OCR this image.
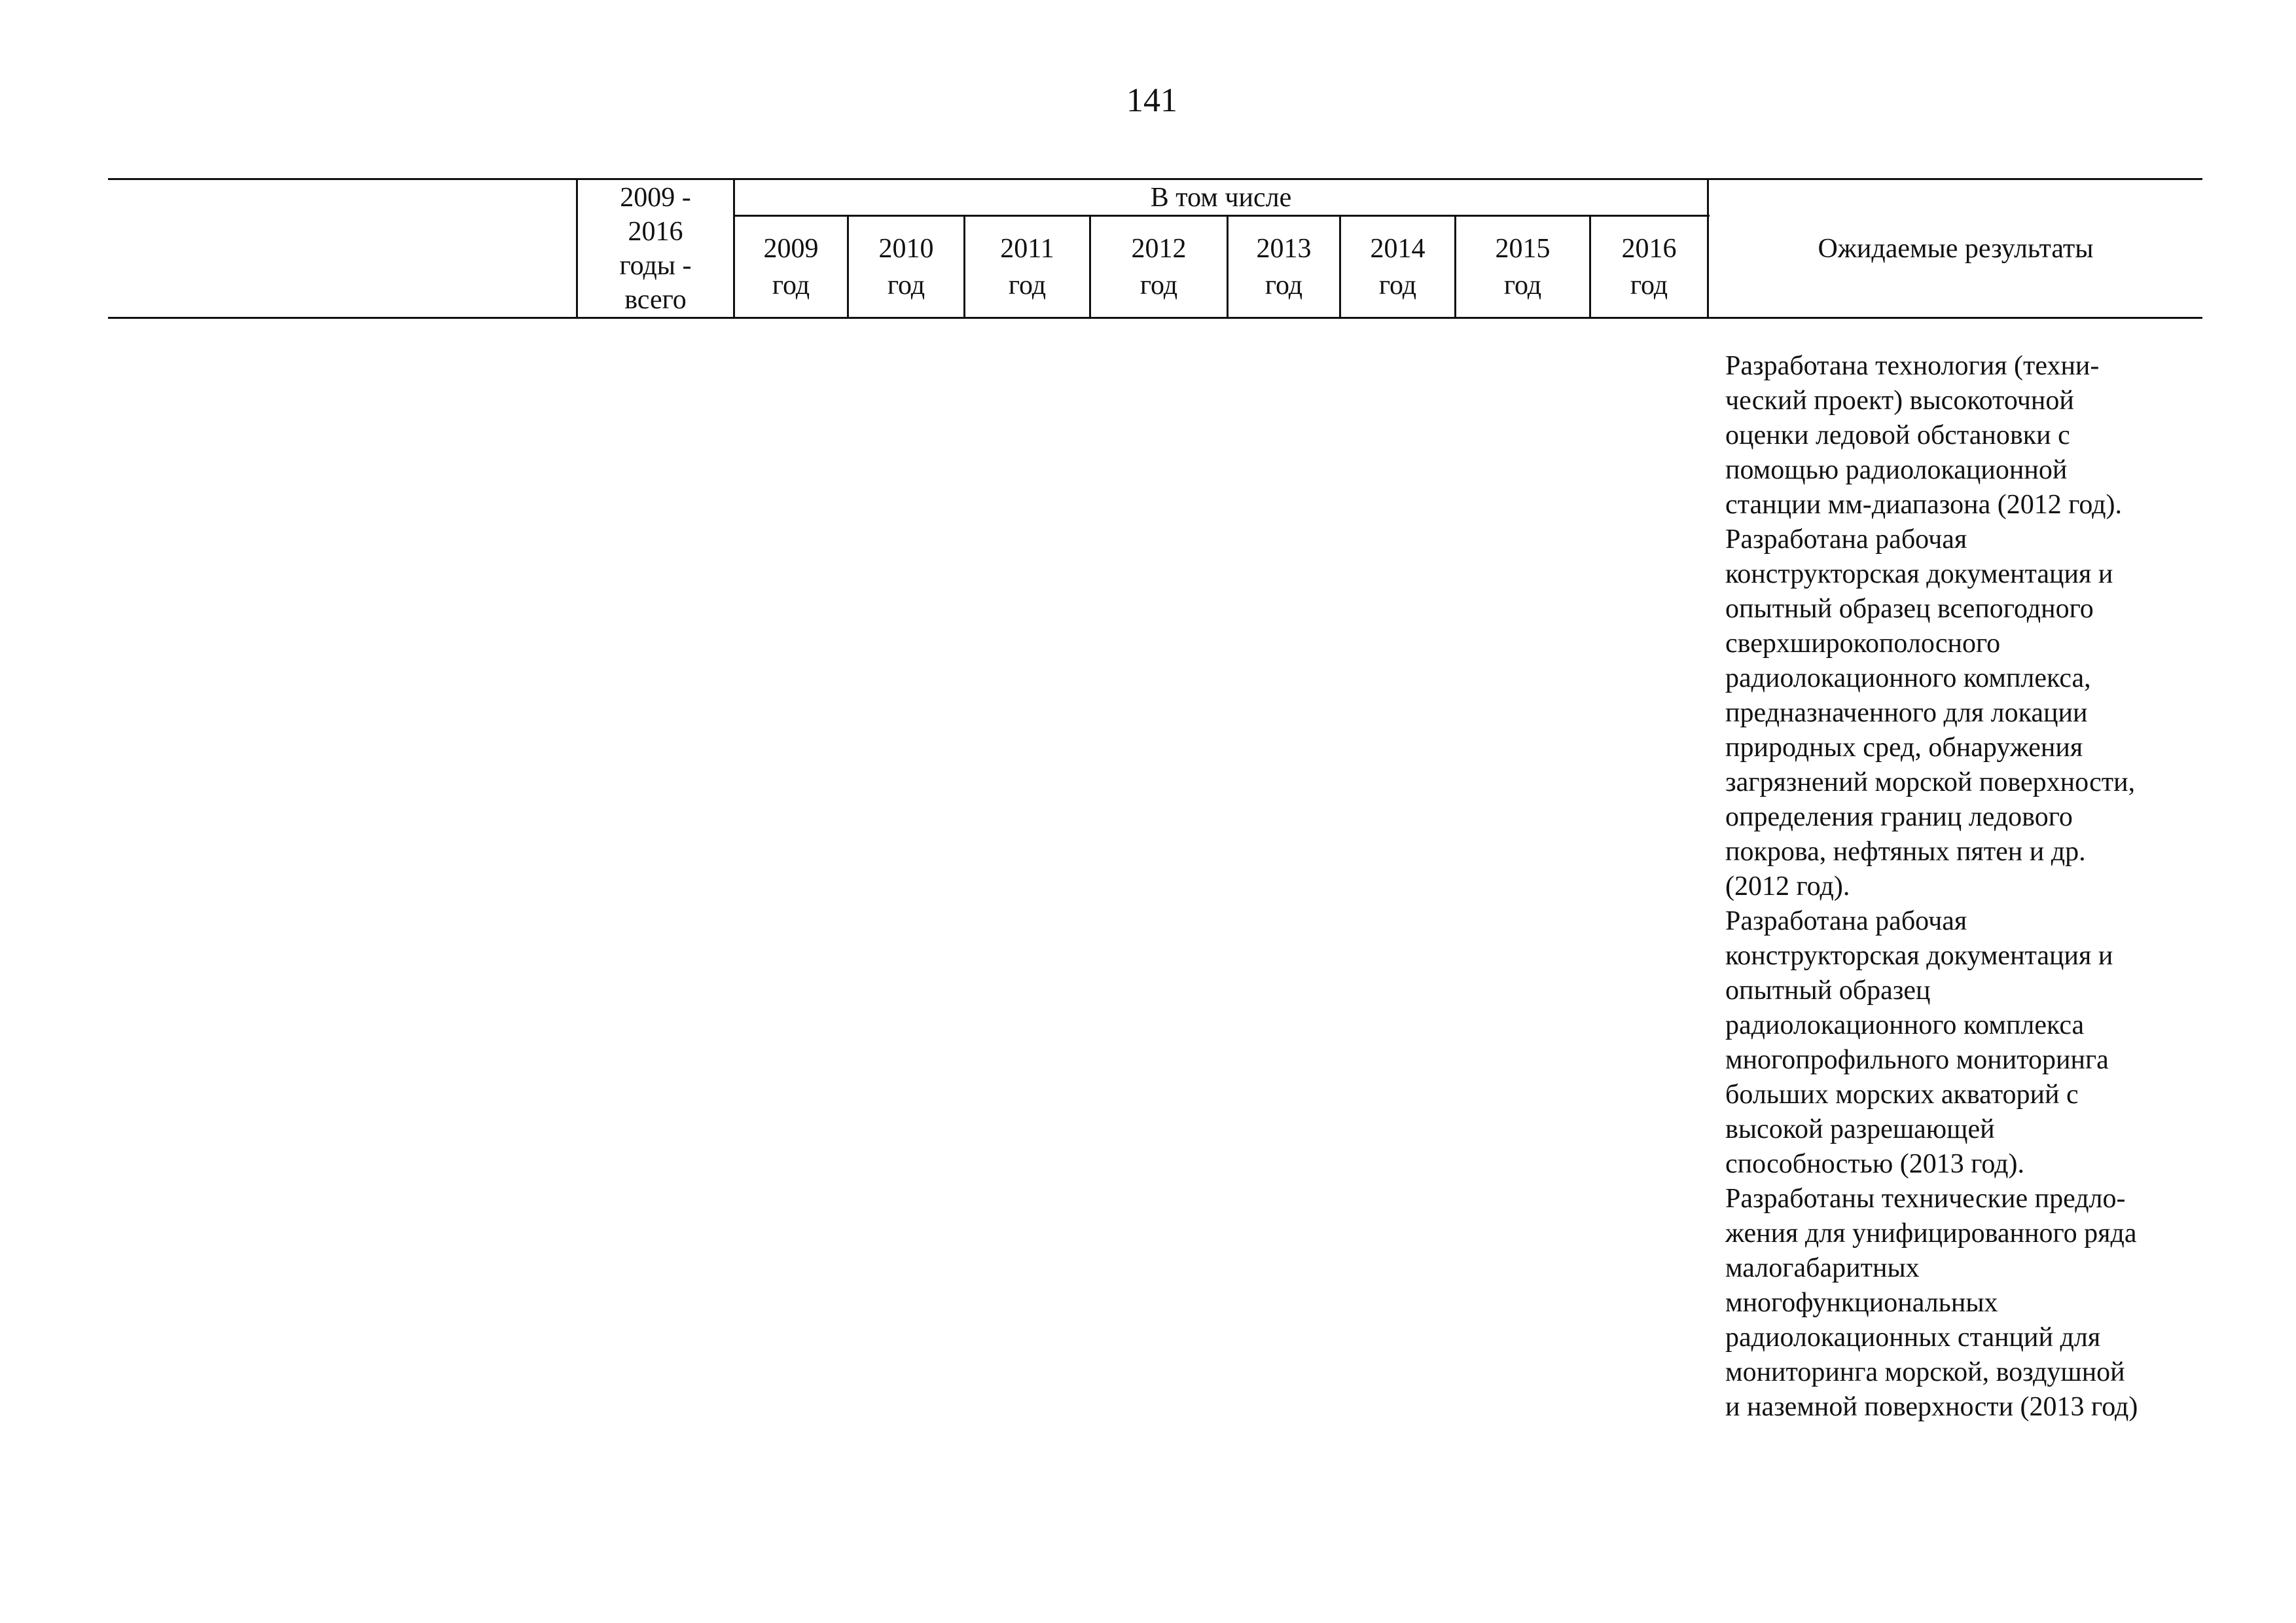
141
2009 -
2016
годы -
всего
В том числе
2009
год
2010
год
2011
год
2012
год
2013
год
2014
год
2015
год
2016
год
Ожидаемые результаты
Разработана технология (техни-
ческий проект) высокоточной
оценки ледовой обстановки с
помощью радиолокационной
станции мм-диапазона (2012 год).
Разработана рабочая
конструкторская документация и
опытный образец всепогодного
сверхширокополосного
радиолокационного комплекса,
предназначенного для локации
природных сред, обнаружения
загрязнений морской поверхности,
определения границ ледового
покрова, нефтяных пятен и др.
(2012 год).
Разработана рабочая
конструкторская документация и
опытный образец
радиолокационного комплекса
многопрофильного мониторинга
больших морских акваторий с
высокой разрешающей
способностью (2013 год).
Разработаны технические предло-
жения для унифицированного ряда
малогабаритных
многофункциональных
радиолокационных станций для
мониторинга морской, воздушной
и наземной поверхности (2013 год)
